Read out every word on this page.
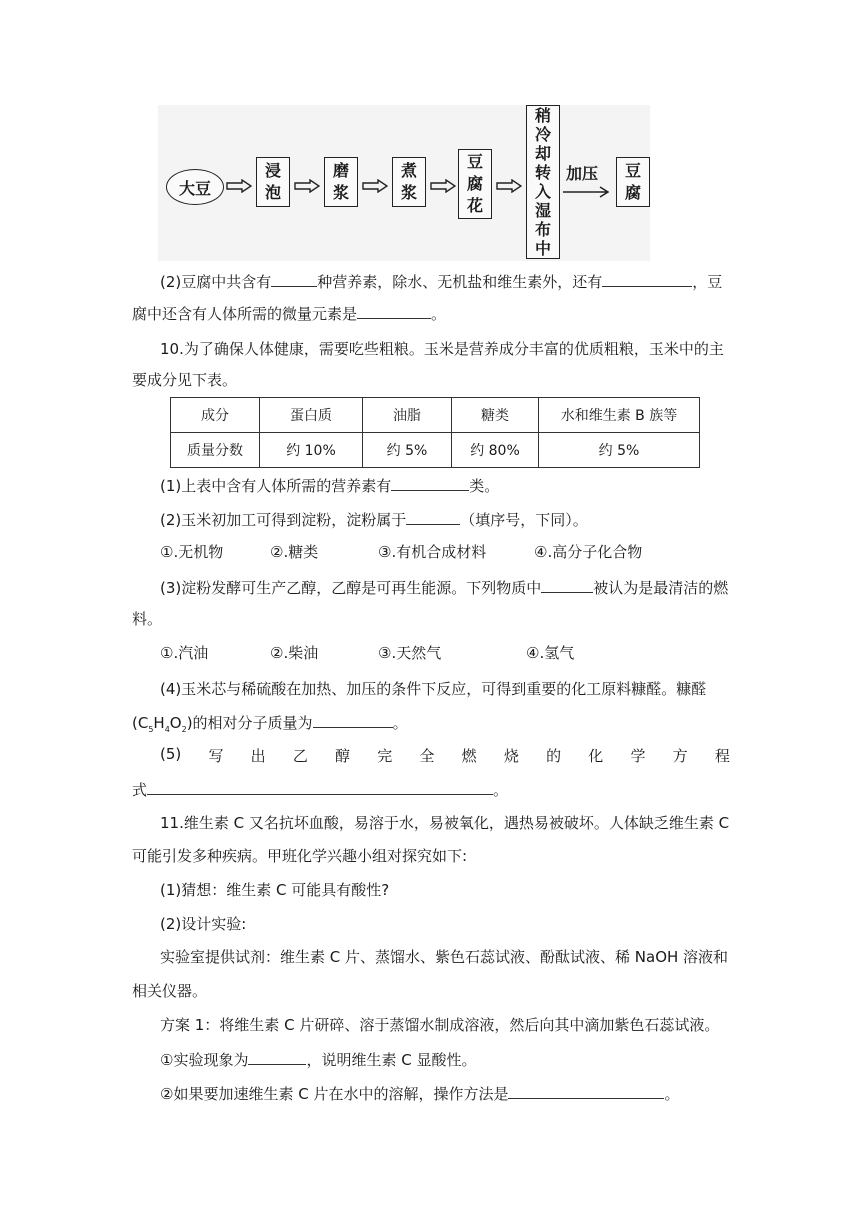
大豆
浸
泡
磨
浆
煮
浆
豆
腐
花
稍
冷
却
转
入
湿
布
中
加压 豆
腐
(2)豆腐中共含有	种营养素，除水、无机盐和维生素外，还有	，豆
腐中还含有人体所需的微量元素是	。
10.为了确保人体健康，需要吃些粗粮。玉米是营养成分丰富的优质粗粮，玉米中的主
要成分见下表。
成分	蛋白质	油脂	糖类	水和维生素 B 族等
质量分数	约 10%	约 5%	约 80%	约 5%
(1)上表中含有人体所需的营养素有	类。
(2)玉米初加工可得到淀粉，淀粉属于	（填序号，下同）。
①.无机物	②.糖类	③.有机合成材料	④.高分子化合物
(3)淀粉发酵可生产乙醇，乙醇是可再生能源。下列物质中	被认为是最清洁的燃
料。
①.汽油	②.柴油	③.天然气	④.氢气
(4)玉米芯与稀硫酸在加热、加压的条件下反应，可得到重要的化工原料糠醛。糠醛
$(C_5H_4O_2)$的相对分子质量为	。
(5) 写 出 乙 醇 完 全 燃 烧 的 化 学 方 程
式	。
11.维生素 C 又名抗坏血酸，易溶于水，易被氧化，遇热易被破坏。人体缺乏维生素 C
可能引发多种疾病。甲班化学兴趣小组对探究如下:
(1)猜想：维生素 C 可能具有酸性?
(2)设计实验:
实验室提供试剂：维生素 C 片、蒸馏水、紫色石蕊试液、酚酞试液、稀 NaOH 溶液和
相关仪器。
方案 1：将维生素 C 片研碎、溶于蒸馏水制成溶液，然后向其中滴加紫色石蕊试液。
①实验现象为	，说明维生素 C 显酸性。
②如果要加速维生素 C 片在水中的溶解，操作方法是	。
